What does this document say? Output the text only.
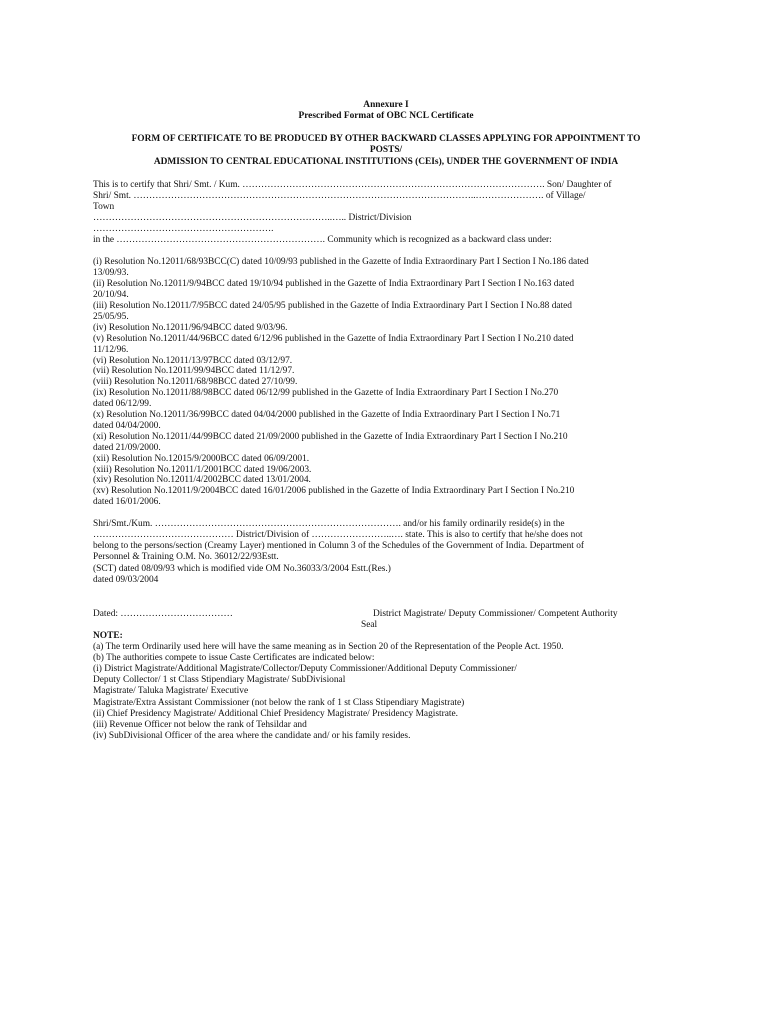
Annexure I
Prescribed Format of OBC NCL Certificate
FORM OF CERTIFICATE TO BE PRODUCED BY OTHER BACKWARD CLASSES APPLYING FOR APPOINTMENT TO
POSTS/
ADMISSION TO CENTRAL EDUCATIONAL INSTITUTIONS (CEIs), UNDER THE GOVERNMENT OF INDIA
This is to certify that Shri/ Smt. / Kum. ……………………………………………………………………………………. Son/ Daughter of
Shri/ Smt. ………………………………………………………………………………………………..…………………. of Village/
Town
…………………………………………………………………..….. District/Division
………………………………………………….
in the …………………………………………………………. Community which is recognized as a backward class under:
(i) Resolution No.12011/68/93BCC(C) dated 10/09/93 published in the Gazette of India Extraordinary Part I Section I No.186 dated
13/09/93.
(ii) Resolution No.12011/9/94BCC dated 19/10/94 published in the Gazette of India Extraordinary Part I Section I No.163 dated
20/10/94.
(iii) Resolution No.12011/7/95BCC dated 24/05/95 published in the Gazette of India Extraordinary Part I Section I No.88 dated
25/05/95.
(iv) Resolution No.12011/96/94BCC dated 9/03/96.
(v) Resolution No.12011/44/96BCC dated 6/12/96 published in the Gazette of India Extraordinary Part I Section I No.210 dated
11/12/96.
(vi) Resolution No.12011/13/97BCC dated 03/12/97.
(vii) Resolution No.12011/99/94BCC dated 11/12/97.
(viii) Resolution No.12011/68/98BCC dated 27/10/99.
(ix) Resolution No.12011/88/98BCC dated 06/12/99 published in the Gazette of India Extraordinary Part I Section I No.270
dated 06/12/99.
(x) Resolution No.12011/36/99BCC dated 04/04/2000 published in the Gazette of India Extraordinary Part I Section I No.71
dated 04/04/2000.
(xi) Resolution No.12011/44/99BCC dated 21/09/2000 published in the Gazette of India Extraordinary Part I Section I No.210
dated 21/09/2000.
(xii) Resolution No.12015/9/2000BCC dated 06/09/2001.
(xiii) Resolution No.12011/1/2001BCC dated 19/06/2003.
(xiv) Resolution No.12011/4/2002BCC dated 13/01/2004.
(xv) Resolution No.12011/9/2004BCC dated 16/01/2006 published in the Gazette of India Extraordinary Part I Section I No.210
dated 16/01/2006.
Shri/Smt./Kum. ……………………………………………………………………. and/or his family ordinarily reside(s) in the
……………………………………… District/Division of ……………………..…. state. This is also to certify that he/she does not
belong to the persons/section (Creamy Layer) mentioned in Column 3 of the Schedules of the Government of India. Department of
Personnel & Training O.M. No. 36012/22/93Estt.
(SCT) dated 08/09/93 which is modified vide OM No.36033/3/2004 Estt.(Res.)
dated 09/03/2004
Dated: ………………………………	District Magistrate/ Deputy Commissioner/ Competent Authority
Seal
NOTE:
(a) The term Ordinarily used here will have the same meaning as in Section 20 of the Representation of the People Act. 1950.
(b) The authorities compete to issue Caste Certificates are indicated below:
(i) District Magistrate/Additional Magistrate/Collector/Deputy Commissioner/Additional Deputy Commissioner/
Deputy Collector/ 1 st Class Stipendiary Magistrate/ SubDivisional
Magistrate/ Taluka Magistrate/ Executive
Magistrate/Extra Assistant Commissioner (not below the rank of 1 st Class Stipendiary Magistrate)
(ii) Chief Presidency Magistrate/ Additional Chief Presidency Magistrate/ Presidency Magistrate.
(iii) Revenue Officer not below the rank of Tehsildar and
(iv) SubDivisional Officer of the area where the candidate and/ or his family resides.
